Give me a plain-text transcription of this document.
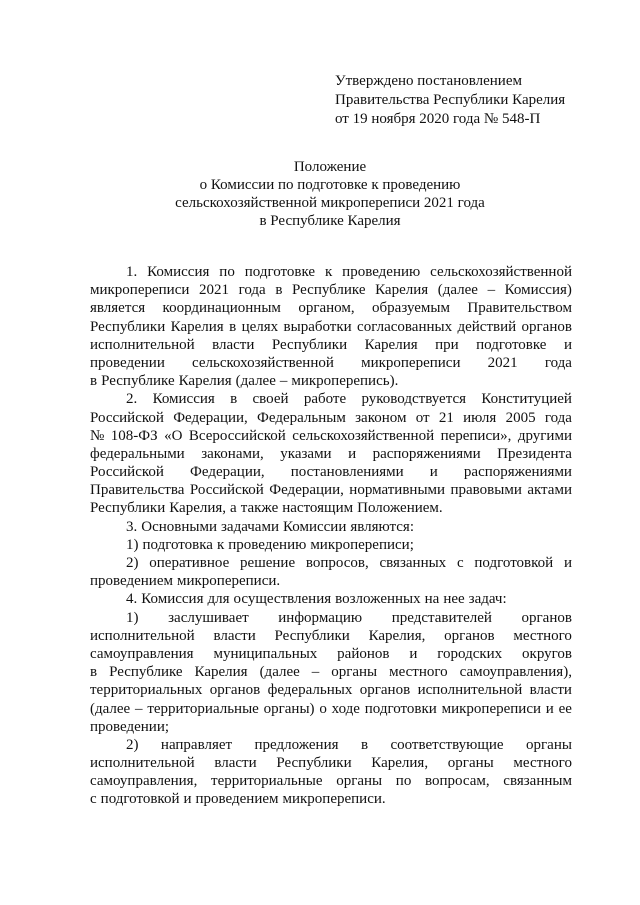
Утверждено постановлением
Правительства Республики Карелия
от 19 ноября 2020 года № 548-П
Положение
о Комиссии по подготовке к проведению
сельскохозяйственной микропереписи 2021 года
в Республике Карелия
1. Комиссия по подготовке к проведению сельскохозяйственной
микропереписи 2021 года в Республике Карелия (далее – Комиссия)
является координационным органом, образуемым Правительством
Республики Карелия в целях выработки согласованных действий органов
исполнительной власти Республики Карелия при подготовке и
проведении сельскохозяйственной микропереписи 2021 года
в Республике Карелия (далее – микроперепись).
2. Комиссия в своей работе руководствуется Конституцией
Российской Федерации, Федеральным законом от 21 июля 2005 года
№ 108-ФЗ «О Всероссийской сельскохозяйственной переписи», другими
федеральными законами, указами и распоряжениями Президента
Российской Федерации, постановлениями и распоряжениями
Правительства Российской Федерации, нормативными правовыми актами
Республики Карелия, а также настоящим Положением.
3. Основными задачами Комиссии являются:
1) подготовка к проведению микропереписи;
2) оперативное решение вопросов, связанных с подготовкой и
проведением микропереписи.
4. Комиссия для осуществления возложенных на нее задач:
1) заслушивает информацию представителей органов
исполнительной власти Республики Карелия, органов местного
самоуправления муниципальных районов и городских округов
в Республике Карелия (далее – органы местного самоуправления),
территориальных органов федеральных органов исполнительной власти
(далее – территориальные органы) о ходе подготовки микропереписи и ее
проведении;
2) направляет предложения в соответствующие органы
исполнительной власти Республики Карелия, органы местного
самоуправления, территориальные органы по вопросам, связанным
с подготовкой и проведением микропереписи.
